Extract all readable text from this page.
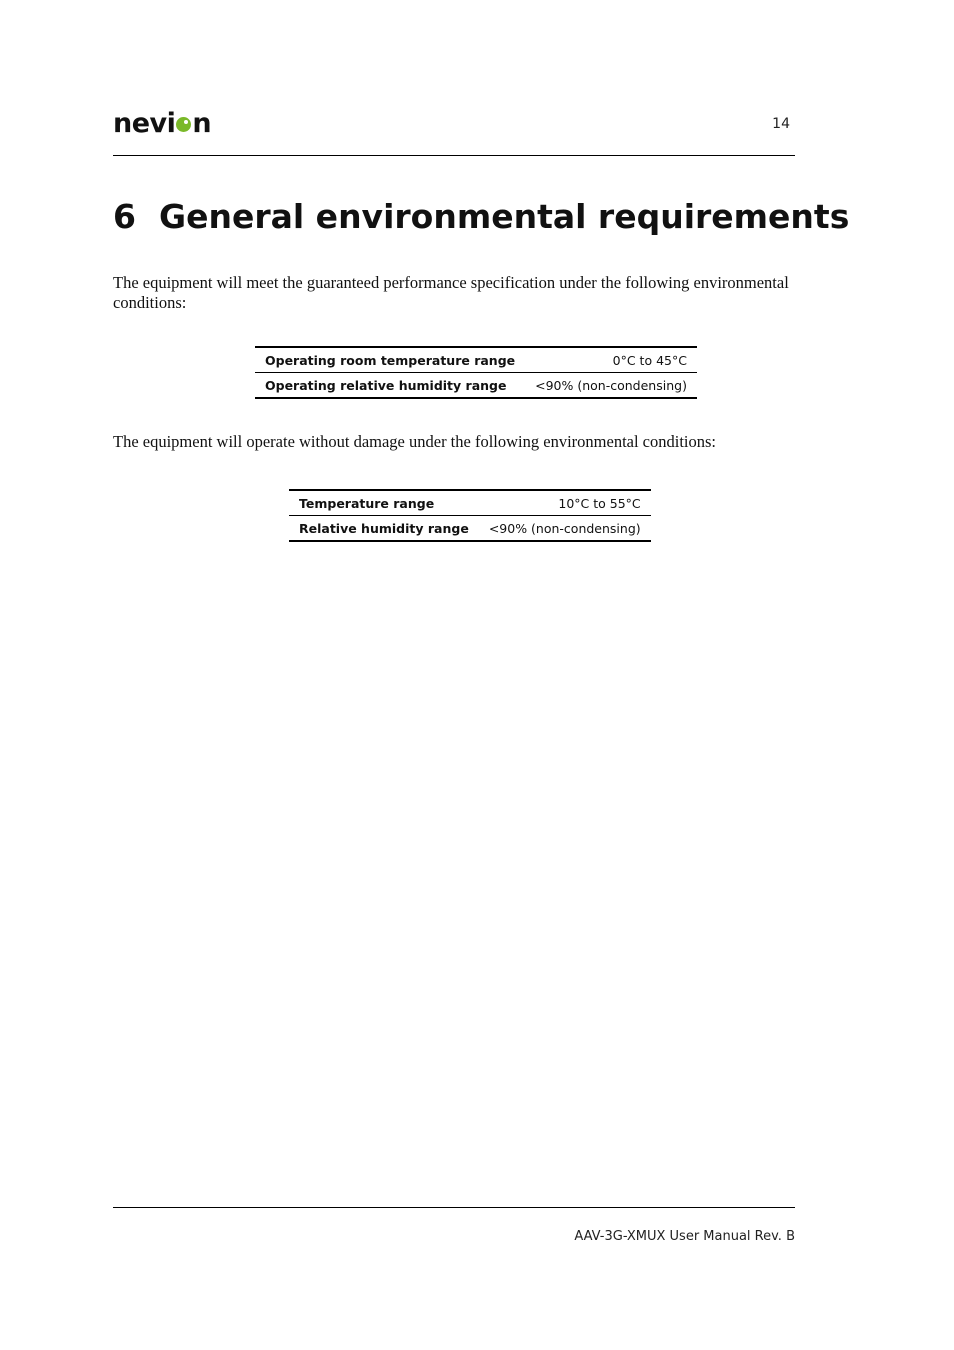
nevi n	14
6 General environmental requirements

The equipment will meet the guaranteed performance specification under the following environmental conditions:

Operating room temperature range	0°C to 45°C
Operating relative humidity range	<90% (non-condensing)

The equipment will operate without damage under the following environmental conditions:

Temperature range	10°C to 55°C
Relative humidity range	<90% (non-condensing)
AAV-3G-XMUX User Manual Rev. B
